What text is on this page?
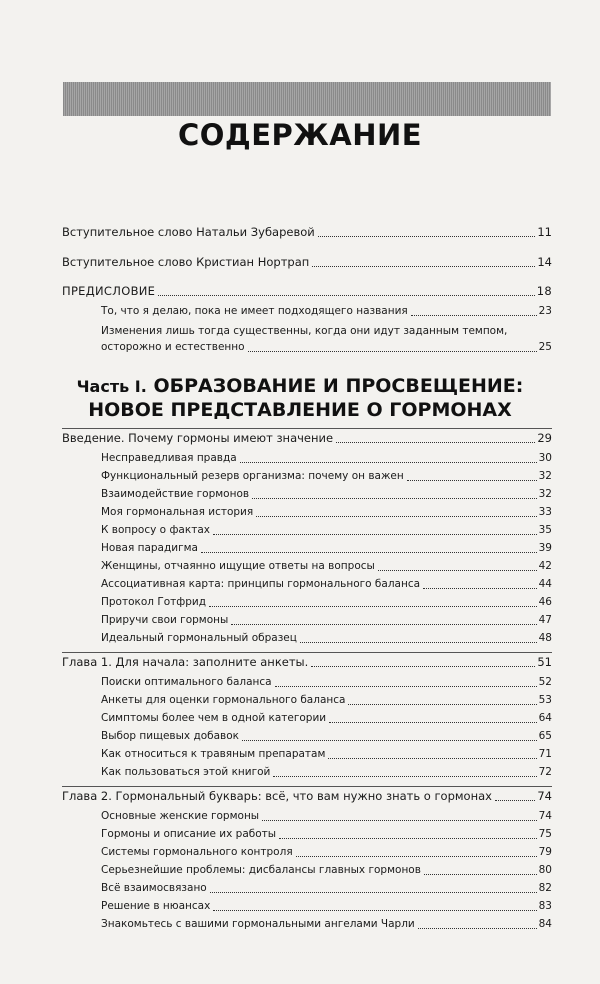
СОДЕРЖАНИЕ
Вступительное слово Натальи Зубаревой	11
Вступительное слово Кристиан Нортрап	14
ПРЕДИСЛОВИЕ	18
То, что я делаю, пока не имеет подходящего названия	23
Изменения лишь тогда существенны, когда они идут заданным темпом,
осторожно и естественно	25
Часть I. ОБРАЗОВАНИЕ И ПРОСВЕЩЕНИЕ:
НОВОЕ ПРЕДСТАВЛЕНИЕ О ГОРМОНАХ
Введение. Почему гормоны имеют значение	29
Несправедливая правда	30
Функциональный резерв организма: почему он важен	32
Взаимодействие гормонов	32
Моя гормональная история	33
К вопросу о фактах	35
Новая парадигма	39
Женщины, отчаянно ищущие ответы на вопросы	42
Ассоциативная карта: принципы гормонального баланса	44
Протокол Готфрид	46
Приручи свои гормоны	47
Идеальный гормональный образец	48
Глава 1. Для начала: заполните анкеты.	51
Поиски оптимального баланса	52
Анкеты для оценки гормонального баланса	53
Симптомы более чем в одной категории	64
Выбор пищевых добавок	65
Как относиться к травяным препаратам	71
Как пользоваться этой книгой	72
Глава 2. Гормональный букварь: всё, что вам нужно знать о гормонах	74
Основные женские гормоны	74
Гормоны и описание их работы	75
Системы гормонального контроля	79
Серьезнейшие проблемы: дисбалансы главных гормонов	80
Всё взаимосвязано	82
Решение в нюансах	83
Знакомьтесь с вашими гормональными ангелами Чарли	84
